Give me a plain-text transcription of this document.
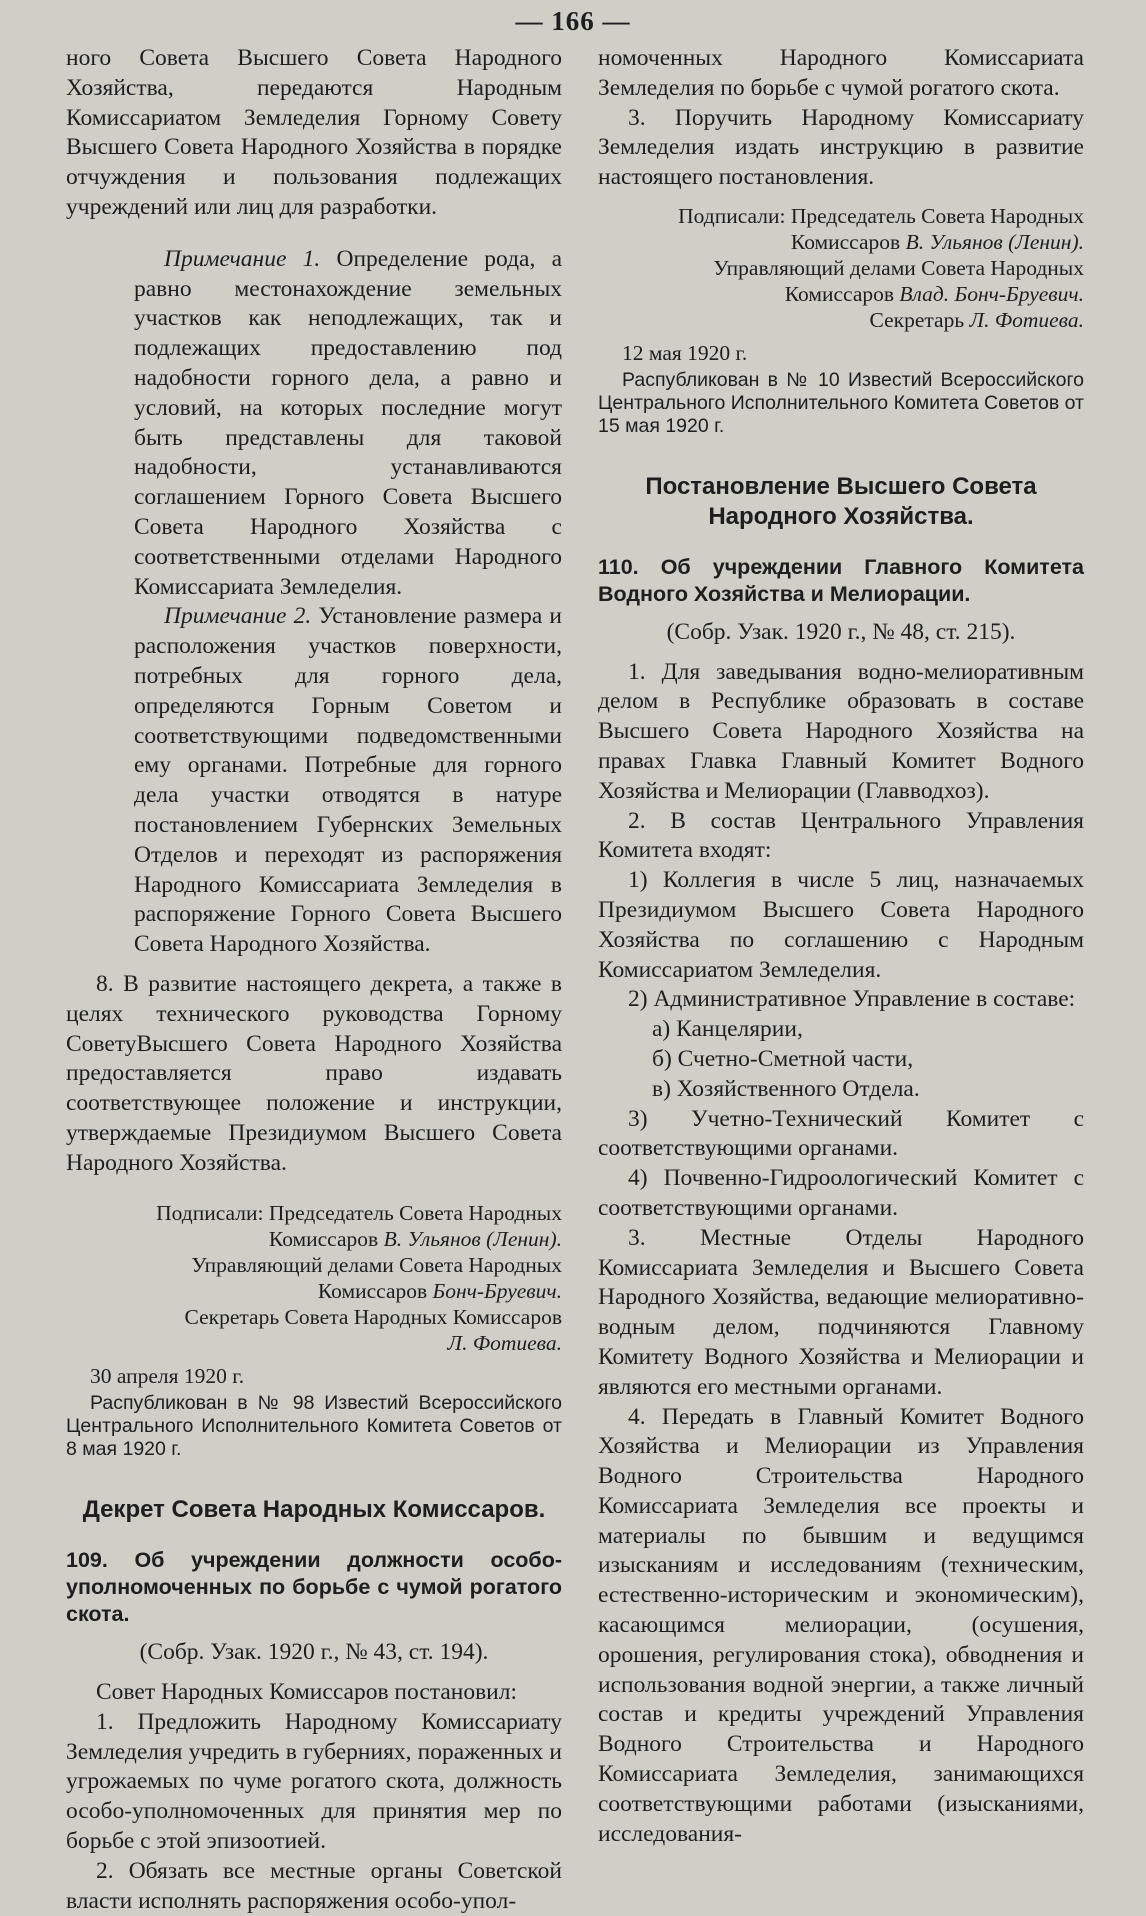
— 166 —

ного Совета Высшего Совета Народного Хозяйства, передаются Народным Комиссариатом Земледелия Горному Совету Высшего Совета Народного Хозяйства в порядке отчуждения и пользования подлежащих учреждений или лиц для разработки.

Примечание 1. Определение рода, а равно местонахождение земельных участков как неподлежащих, так и подлежащих предоставлению под надобности горного дела, а равно и условий, на которых последние могут быть представлены для таковой надобности, устанавливаются соглашением Горного Совета Высшего Совета Народного Хозяйства с соответственными отделами Народного Комиссариата Земледелия.

Примечание 2. Установление размера и расположения участков поверхности, потребных для горного дела, определяются Горным Советом и соответствующими подведомственными ему органами. Потребные для горного дела участки отводятся в натуре постановлением Губернских Земельных Отделов и переходят из распоряжения Народного Комиссариата Земледелия в распоряжение Горного Совета Высшего Совета Народного Хозяйства.

8. В развитие настоящего декрета, а также в целях технического руководства Горному СоветуВысшего Совета Народного Хозяйства предоставляется право издавать соответствующее положение и инструкции, утверждаемые Президиумом Высшего Совета Народного Хозяйства.

Подписали: Председатель Совета Народных
Комиссаров В. Ульянов (Ленин).
Управляющий делами Совета Народных
Комиссаров Бонч-Бруевич.
Секретарь Совета Народных Комиссаров
Л. Фотиева.
30 апреля 1920 г.

Распубликован в № 98 Известий Всероссийского Центрального Исполнительного Комитета Советов от 8 мая 1920 г.

Декрет Совета Народных Комиссаров.

109. Об учреждении должности особо-уполномоченных по борьбе с чумой рогатого скота.

(Собр. Узак. 1920 г., № 43, ст. 194).

Совет Народных Комиссаров постановил:

1. Предложить Народному Комиссариату Земледелия учредить в губерниях, пораженных и угрожаемых по чуме рогатого скота, должность особо-уполномоченных для принятия мер по борьбе с этой эпизоотией.

2. Обязать все местные органы Советской власти исполнять распоряжения особо-упол-

номоченных Народного Комиссариата Земледелия по борьбе с чумой рогатого скота.

3. Поручить Народному Комиссариату Земледелия издать инструкцию в развитие настоящего постановления.

Подписали: Председатель Совета Народных
Комиссаров В. Ульянов (Ленин).
Управляющий делами Совета Народных
Комиссаров Влад. Бонч-Бруевич.
Секретарь Л. Фотиева.
12 мая 1920 г.

Распубликован в № 10 Известий Всероссийского Центрального Исполнительного Комитета Советов от 15 мая 1920 г.

Постановление Высшего Совета Народного Хозяйства.

110. Об учреждении Главного Комитета Водного Хозяйства и Мелиорации.

(Собр. Узак. 1920 г., № 48, ст. 215).

1. Для заведывания водно-мелиоративным делом в Республике образовать в составе Высшего Совета Народного Хозяйства на правах Главка Главный Комитет Водного Хозяйства и Мелиорации (Главводхоз).

2. В состав Центрального Управления Комитета входят:

1) Коллегия в числе 5 лиц, назначаемых Президиумом Высшего Совета Народного Хозяйства по соглашению с Народным Комиссариатом Земледелия.

2) Административное Управление в составе:

а) Канцелярии,

б) Счетно-Сметной части,

в) Хозяйственного Отдела.

3) Учетно-Технический Комитет с соответствующими органами.

4) Почвенно-Гидроологический Комитет с соответствующими органами.

3. Местные Отделы Народного Комиссариата Земледелия и Высшего Совета Народного Хозяйства, ведающие мелиоративно-водным делом, подчиняются Главному Комитету Водного Хозяйства и Мелиорации и являются его местными органами.

4. Передать в Главный Комитет Водного Хозяйства и Мелиорации из Управления Водного Строительства Народного Комиссариата Земледелия все проекты и материалы по бывшим и ведущимся изысканиям и исследованиям (техническим, естественно-историческим и экономическим), касающимся мелиорации, (осушения, орошения, регулирования стока), обводнения и использования водной энергии, а также личный состав и кредиты учреждений Управления Водного Строительства и Народного Комиссариата Земледелия, занимающихся соответствующими работами (изысканиями, исследования-
